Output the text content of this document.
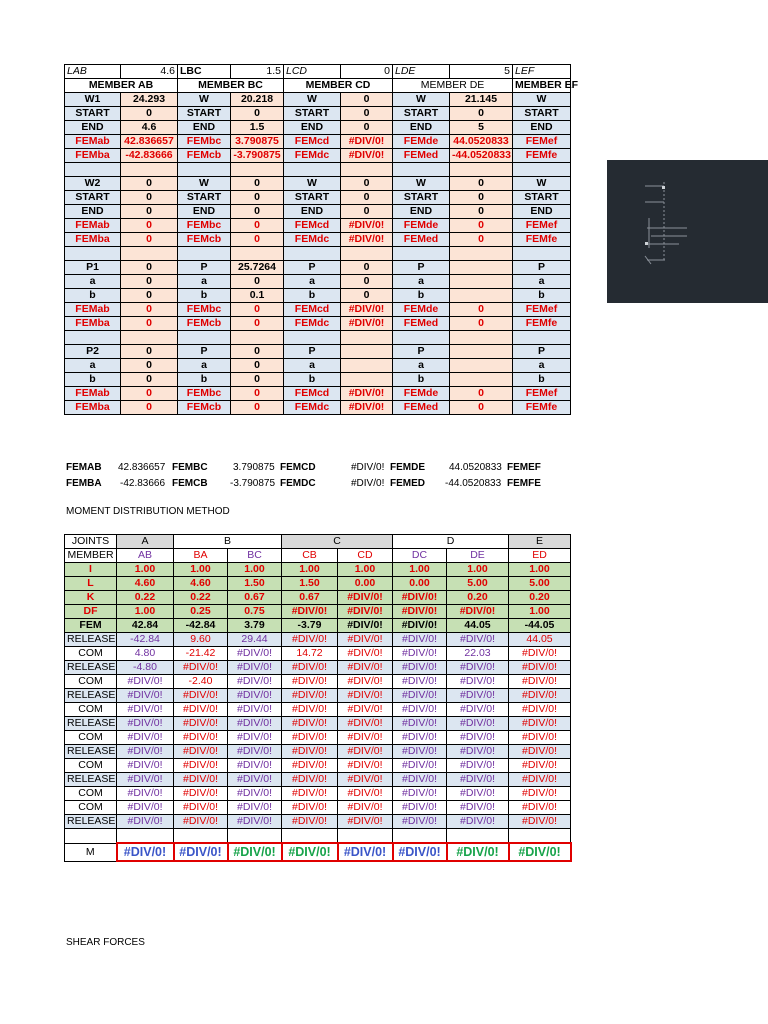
LAB	4.6	LBC	1.5	LCD	0	LDE	5	LEF
MEMBER AB		MEMBER BC		MEMBER CD		MEMBER DE		MEMBER EF
W1	24.293	W	20.218	W	0	W	21.145	W
START	0	START	0	START	0	START	0	START
END	4.6	END	1.5	END	0	END	5	END
FEMab	42.836657	FEMbc	3.790875	FEMcd	#DIV/0!	FEMde	44.0520833	FEMef
FEMba	-42.83666	FEMcb	-3.790875	FEMdc	#DIV/0!	FEMed	-44.0520833	FEMfe

W2	0	W	0	W	0	W	0	W
START	0	START	0	START	0	START	0	START
END	0	END	0	END	0	END	0	END
FEMab	0	FEMbc	0	FEMcd	#DIV/0!	FEMde	0	FEMef
FEMba	0	FEMcb	0	FEMdc	#DIV/0!	FEMed	0	FEMfe

P1	0	P	25.7264	P	0	P		P
a	0	a	0	a	0	a		a
b	0	b	0.1	b	0	b		b
FEMab	0	FEMbc	0	FEMcd	#DIV/0!	FEMde	0	FEMef
FEMba	0	FEMcb	0	FEMdc	#DIV/0!	FEMed	0	FEMfe

P2	0	P	0	P		P		P
a	0	a	0	a		a		a
b	0	b	0	b		b		b
FEMab	0	FEMbc	0	FEMcd	#DIV/0!	FEMde	0	FEMef
FEMba	0	FEMcb	0	FEMdc	#DIV/0!	FEMed	0	FEMfe
FEMAB 42.836657 FEMBC	3.790875 FEMCD	#DIV/0! FEMDE 44.0520833 FEMEF
FEMBA -42.83666 FEMCB -3.790875 FEMDC	#DIV/0! FEMED -44.0520833 FEMFE
MOMENT DISTRIBUTION METHOD
JOINTS	A	B		C		D		E
MEMBER	AB	BA	BC	CB	CD	DC	DE	ED
I	1.00	1.00	1.00	1.00	1.00	1.00	1.00	1.00
L	4.60	4.60	1.50	1.50	0.00	0.00	5.00	5.00
K	0.22	0.22	0.67	0.67	#DIV/0!	#DIV/0!	0.20	0.20
DF	1.00	0.25	0.75	#DIV/0!	#DIV/0!	#DIV/0!	#DIV/0!	1.00
FEM	42.84	-42.84	3.79	-3.79	#DIV/0!	#DIV/0!	44.05	-44.05
RELEASE	-42.84	9.60	29.44	#DIV/0!	#DIV/0!	#DIV/0!	#DIV/0!	44.05
COM	4.80	-21.42	#DIV/0!	14.72	#DIV/0!	#DIV/0!	22.03	#DIV/0!
RELEASE	-4.80	#DIV/0!	#DIV/0!	#DIV/0!	#DIV/0!	#DIV/0!	#DIV/0!	#DIV/0!
COM	#DIV/0!	-2.40	#DIV/0!	#DIV/0!	#DIV/0!	#DIV/0!	#DIV/0!	#DIV/0!
RELEASE	#DIV/0!	#DIV/0!	#DIV/0!	#DIV/0!	#DIV/0!	#DIV/0!	#DIV/0!	#DIV/0!
COM	#DIV/0!	#DIV/0!	#DIV/0!	#DIV/0!	#DIV/0!	#DIV/0!	#DIV/0!	#DIV/0!
RELEASE	#DIV/0!	#DIV/0!	#DIV/0!	#DIV/0!	#DIV/0!	#DIV/0!	#DIV/0!	#DIV/0!
COM	#DIV/0!	#DIV/0!	#DIV/0!	#DIV/0!	#DIV/0!	#DIV/0!	#DIV/0!	#DIV/0!
RELEASE	#DIV/0!	#DIV/0!	#DIV/0!	#DIV/0!	#DIV/0!	#DIV/0!	#DIV/0!	#DIV/0!
COM	#DIV/0!	#DIV/0!	#DIV/0!	#DIV/0!	#DIV/0!	#DIV/0!	#DIV/0!	#DIV/0!
RELEASE	#DIV/0!	#DIV/0!	#DIV/0!	#DIV/0!	#DIV/0!	#DIV/0!	#DIV/0!	#DIV/0!
COM	#DIV/0!	#DIV/0!	#DIV/0!	#DIV/0!	#DIV/0!	#DIV/0!	#DIV/0!	#DIV/0!
COM	#DIV/0!	#DIV/0!	#DIV/0!	#DIV/0!	#DIV/0!	#DIV/0!	#DIV/0!	#DIV/0!
RELEASE	#DIV/0!	#DIV/0!	#DIV/0!	#DIV/0!	#DIV/0!	#DIV/0!	#DIV/0!	#DIV/0!

M	#DIV/0!	#DIV/0!	#DIV/0!	#DIV/0!	#DIV/0!	#DIV/0!	#DIV/0!	#DIV/0!
SHEAR FORCES
